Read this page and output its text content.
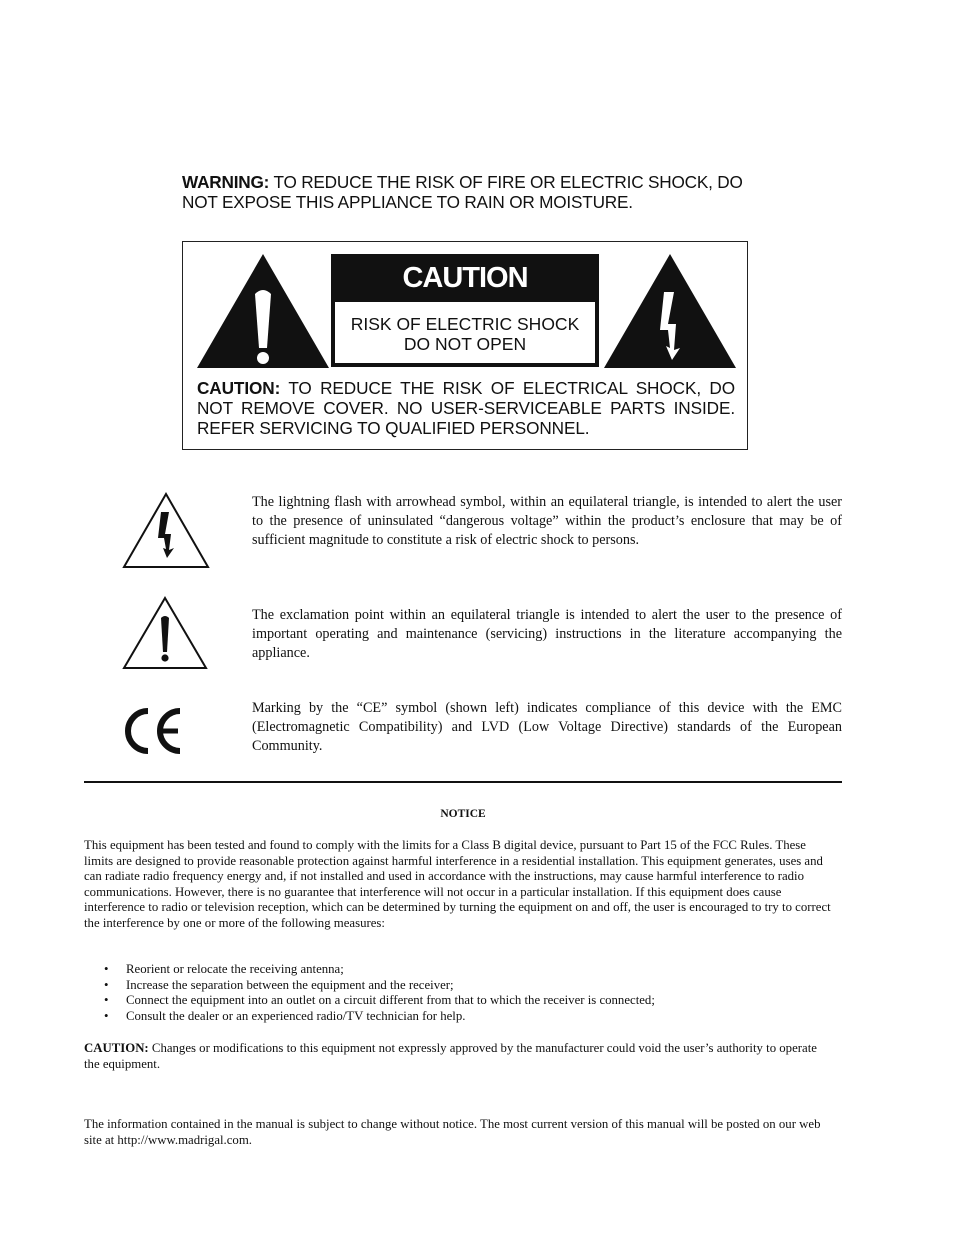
WARNING: TO REDUCE THE RISK OF FIRE OR ELECTRIC SHOCK, DO NOT EXPOSE THIS APPLIANCE TO RAIN OR MOISTURE.
CAUTION
RISK OF ELECTRIC SHOCK
DO NOT OPEN
CAUTION: TO REDUCE THE RISK OF ELECTRICAL SHOCK, DO NOT REMOVE COVER. NO USER-SERVICEABLE PARTS INSIDE. REFER SERVICING TO QUALIFIED PERSONNEL.
The lightning flash with arrowhead symbol, within an equilateral triangle, is intended to alert the user to the presence of uninsulated “dangerous voltage” within the product’s enclosure that may be of sufficient magnitude to constitute a risk of electric shock to persons.
The exclamation point within an equilateral triangle is intended to alert the user to the presence of important operating and maintenance (servicing) instructions in the literature accompanying the appliance.
Marking by the “CE” symbol (shown left) indicates compliance of this device with the EMC (Electromagnetic Compatibility) and LVD (Low Voltage Directive) standards of the European Community.
NOTICE
This equipment has been tested and found to comply with the limits for a Class B digital device, pursuant to Part 15 of the FCC Rules. These limits are designed to provide reasonable protection against harmful interference in a residential installation. This equipment generates, uses and can radiate radio frequency energy and, if not installed and used in accordance with the instructions, may cause harmful interference to radio communications. However, there is no guarantee that interference will not occur in a particular installation. If this equipment does cause interference to radio or television reception, which can be determined by turning the equipment on and off, the user is encouraged to try to correct the interference by one or more of the following measures:
• Reorient or relocate the receiving antenna;
• Increase the separation between the equipment and the receiver;
• Connect the equipment into an outlet on a circuit different from that to which the receiver is connected;
• Consult the dealer or an experienced radio/TV technician for help.
CAUTION: Changes or modifications to this equipment not expressly approved by the manufacturer could void the user’s authority to operate the equipment.
The information contained in the manual is subject to change without notice. The most current version of this manual will be posted on our web site at http://www.madrigal.com.
